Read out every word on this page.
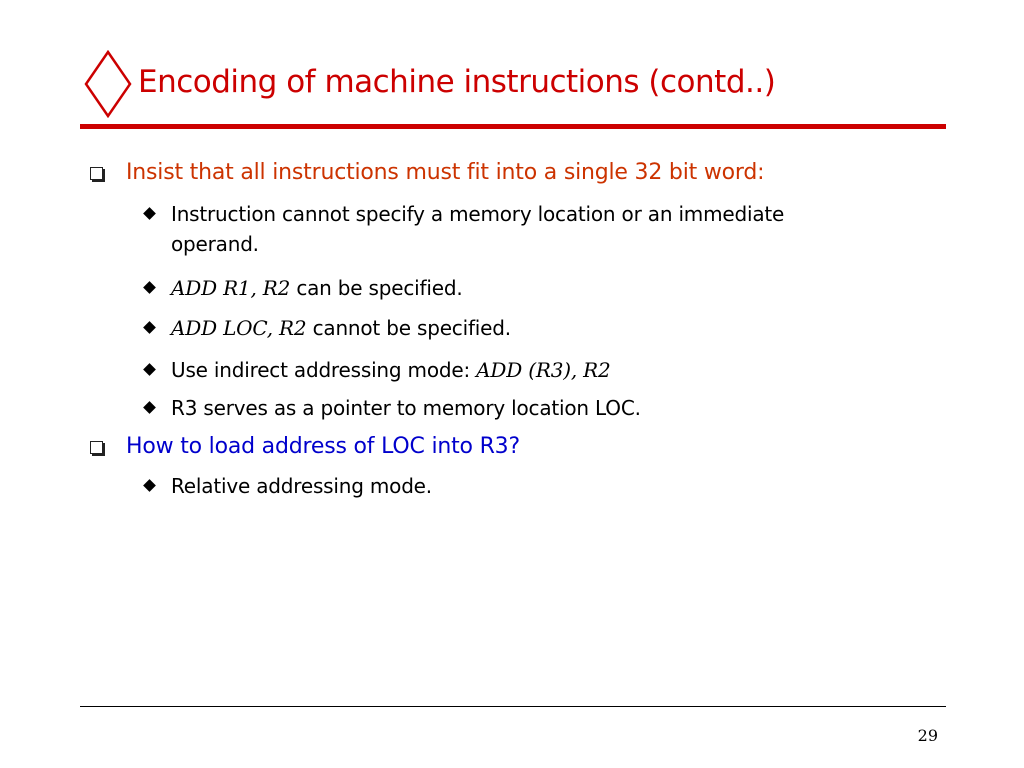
Encoding of machine instructions (contd..)
Insist that all instructions must fit into a single 32 bit word:
Instruction cannot specify a memory location or an immediate
operand.
ADD R1, R2 can be specified.
ADD LOC, R2 cannot be specified.
Use indirect addressing mode: ADD (R3), R2
R3 serves as a pointer to memory location LOC.
How to load address of LOC into R3?
Relative addressing mode.
29
